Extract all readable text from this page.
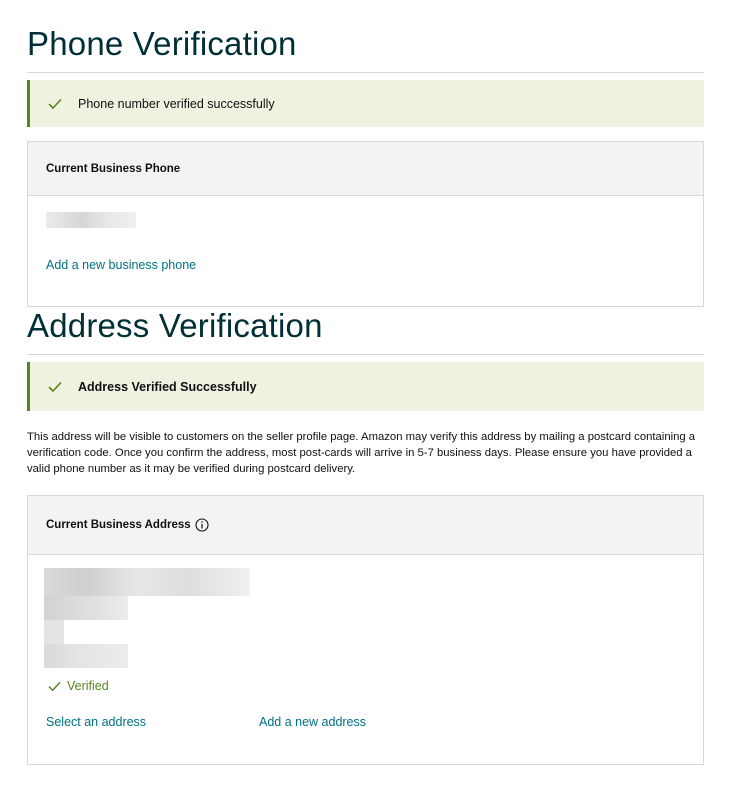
Phone Verification
Phone number verified successfully
Current Business Phone
Add a new business phone
Address Verification
Address Verified Successfully

This address will be visible to customers on the seller profile page. Amazon may verify this address by mailing a postcard containing a verification code. Once you confirm the address, most post-cards will arrive in 5-7 business days. Please ensure you have provided a valid phone number as it may be verified during postcard delivery.

Current Business Address
Verified
Select an address	Add a new address
